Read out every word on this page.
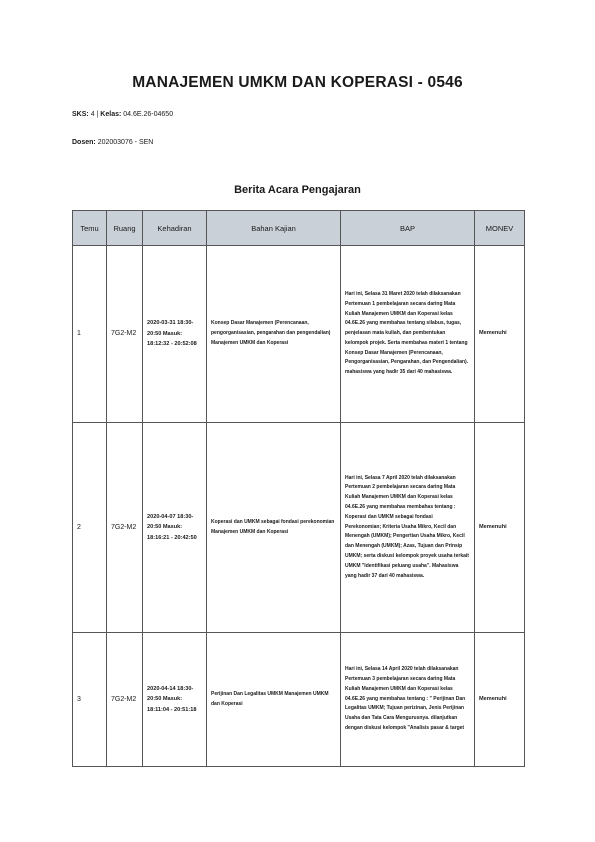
MANAJEMEN UMKM DAN KOPERASI - 0546
SKS: 4 | Kelas: 04.6E.26-04650
Dosen: 202003076 - SEN
Berita Acara Pengajaran
Temu	Ruang	Kehadiran	Bahan Kajian	BAP	MONEV
1	7G2-M2	2020-03-31 18:30-20:50 Masuk: 18:12:32 - 20:52:08	Konsep Dasar Manajemen (Perencanaan, pengorganisasian, pengarahan dan pengendalian) Manajemen UMKM dan Koperasi	Hari ini, Selasa 31 Maret 2020 telah dilaksanakan Pertemuan 1 pembelajaran secara daring Mata Kuliah Manajemen UMKM dan Koperasi kelas 04.6E.26 yang membahas tentang silabus, tugas, penjelasan mata kuliah, dan pembentukan kelompok projek. Serta membahas materi 1 tentang Konsep Dasar Manajemen (Perencanaan, Pengorganisasian, Pengarahan, dan Pengendalian). mahasiswa yang hadir 35 dari 40 mahasiswa.	Memenuhi
2	7G2-M2	2020-04-07 18:30-20:50 Masuk: 18:16:21 - 20:42:50	Koperasi dan UMKM sebagai fondasi perekonomian Manajemen UMKM dan Koperasi	Hari ini, Selasa 7 April 2020 telah dilaksanakan Pertemuan 2 pembelajaran secara daring Mata Kuliah Manajemen UMKM dan Koperasi kelas 04.6E.26 yang membahas membahas tentang : Koperasi dan UMKM sebagai fondasi Perekonomian; Kriteria Usaha Mikro, Kecil dan Menengah (UMKM); Pengertian Usaha Mikro, Kecil dan Menengah (UMKM); Azas, Tujuan dan Prinsip UMKM; serta diskusi kelompok proyek usaha terkait UMKM "Identifikasi peluang usaha". Mahasiswa yang hadir 37 dari 40 mahasiswa.	Memenuhi
3	7G2-M2	2020-04-14 18:30-20:50 Masuk: 18:11:04 - 20:51:18	Perijinan Dan Legalitas UMKM Manajemen UMKM dan Koperasi	Hari ini, Selasa 14 April 2020 telah dilaksanakan Pertemuan 3 pembelajaran secara daring Mata Kuliah Manajemen UMKM dan Koperasi kelas 04.6E.26 yang membahas tentang : " Perijinan Dan Legalitas UMKM; Tujuan perizinan, Jenis Perijinan Usaha dan Tata Cara Mengurusnya. dilanjutkan dengan diskusi kelompok "Analisis pasar & target	Memenuhi
